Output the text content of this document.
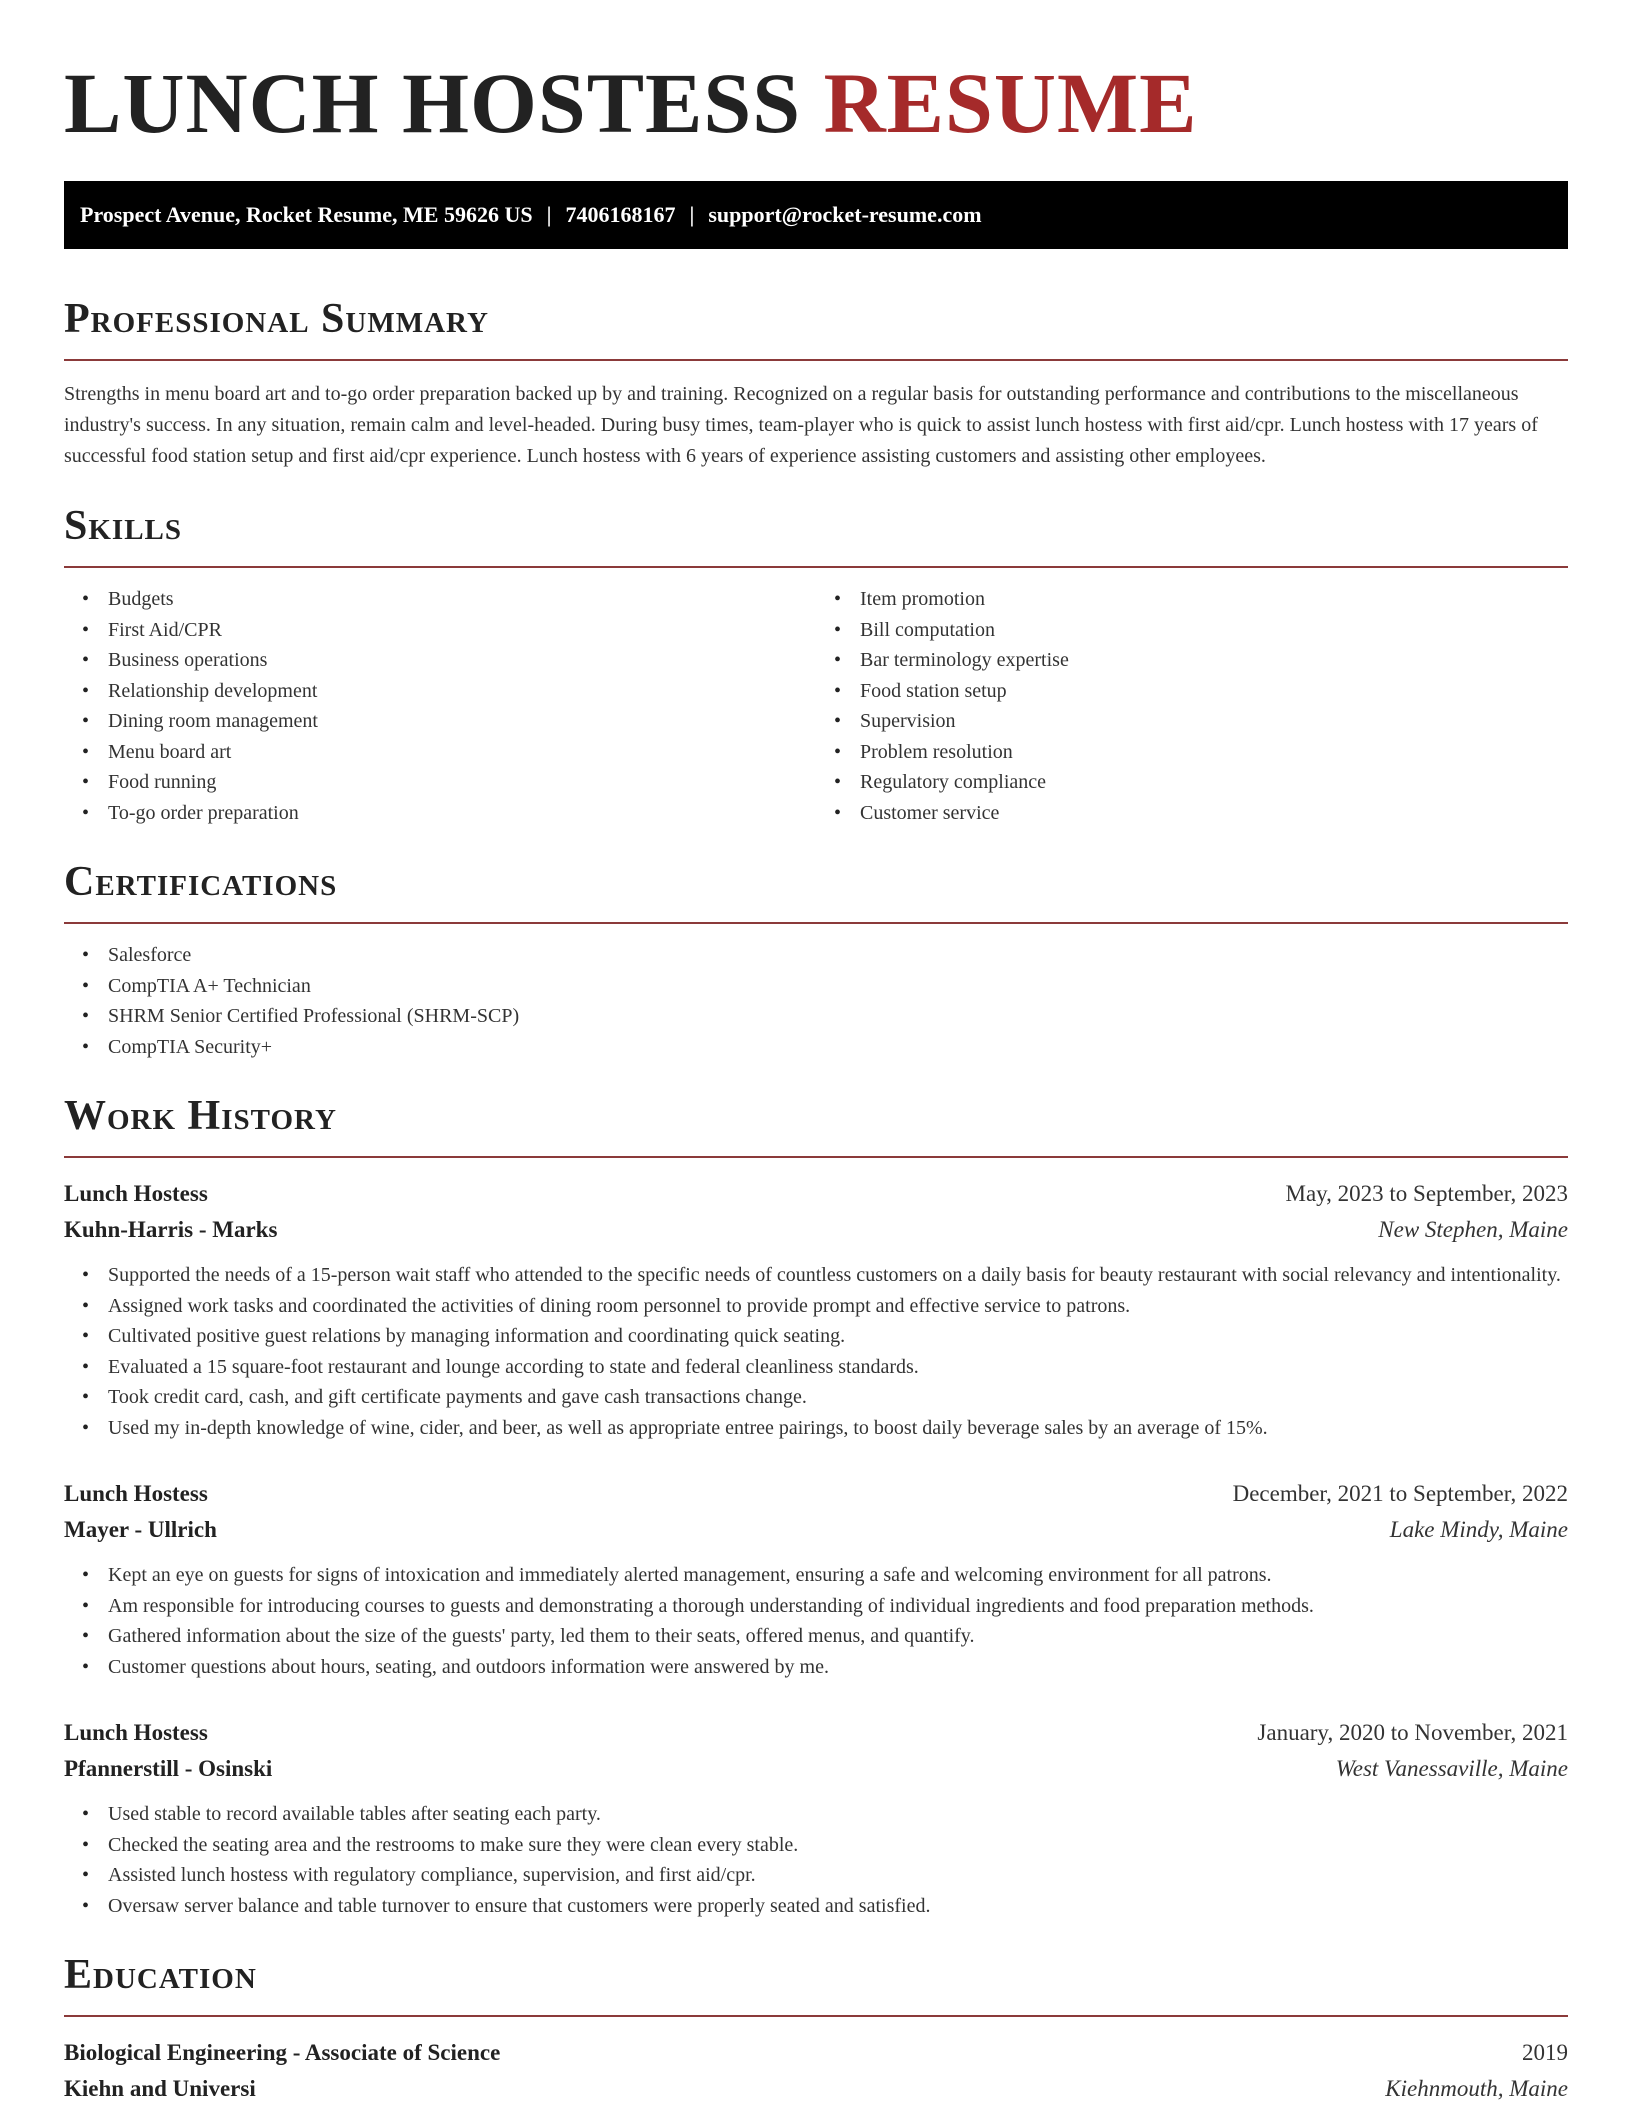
LUNCH HOSTESS RESUME
Prospect Avenue, Rocket Resume, ME 59626 US | 7406168167 | support@rocket-resume.com
Professional Summary

Strengths in menu board art and to-go order preparation backed up by and training. Recognized on a regular basis for outstanding performance and contributions to the miscellaneous industry's success. In any situation, remain calm and level-headed. During busy times, team-player who is quick to assist lunch hostess with first aid/cpr. Lunch hostess with 17 years of successful food station setup and first aid/cpr experience. Lunch hostess with 6 years of experience assisting customers and assisting other employees.

Skills
• Budgets
• First Aid/CPR
• Business operations
• Relationship development
• Dining room management
• Menu board art
• Food running
• To-go order preparation
• Item promotion
• Bill computation
• Bar terminology expertise
• Food station setup
• Supervision
• Problem resolution
• Regulatory compliance
• Customer service
Certifications
• Salesforce
• CompTIA A+ Technician
• SHRM Senior Certified Professional (SHRM-SCP)
• CompTIA Security+
Work History
Lunch Hostess	May, 2023 to September, 2023
Kuhn-Harris - Marks	New Stephen, Maine
• Supported the needs of a 15-person wait staff who attended to the specific needs of countless customers on a daily basis for beauty restaurant with social relevancy and intentionality.
• Assigned work tasks and coordinated the activities of dining room personnel to provide prompt and effective service to patrons.
• Cultivated positive guest relations by managing information and coordinating quick seating.
• Evaluated a 15 square-foot restaurant and lounge according to state and federal cleanliness standards.
• Took credit card, cash, and gift certificate payments and gave cash transactions change.
• Used my in-depth knowledge of wine, cider, and beer, as well as appropriate entree pairings, to boost daily beverage sales by an average of 15%.
Lunch Hostess	December, 2021 to September, 2022
Mayer - Ullrich	Lake Mindy, Maine
• Kept an eye on guests for signs of intoxication and immediately alerted management, ensuring a safe and welcoming environment for all patrons.
• Am responsible for introducing courses to guests and demonstrating a thorough understanding of individual ingredients and food preparation methods.
• Gathered information about the size of the guests' party, led them to their seats, offered menus, and quantify.
• Customer questions about hours, seating, and outdoors information were answered by me.
Lunch Hostess	January, 2020 to November, 2021
Pfannerstill - Osinski	West Vanessaville, Maine
• Used stable to record available tables after seating each party.
• Checked the seating area and the restrooms to make sure they were clean every stable.
• Assisted lunch hostess with regulatory compliance, supervision, and first aid/cpr.
• Oversaw server balance and table turnover to ensure that customers were properly seated and satisfied.
Education
Biological Engineering - Associate of Science	2019
Kiehn and Universi	Kiehnmouth, Maine
